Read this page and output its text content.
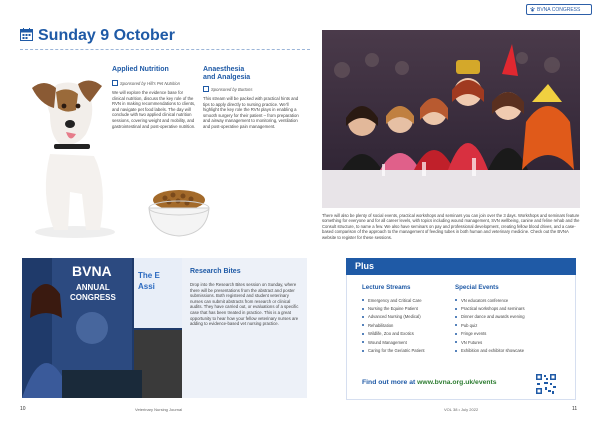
BVNA CONGRESS
Sunday 9 October
Applied Nutrition
Sponsored by Hill's Pet Nutrition
We will explore the evidence base for clinical nutrition, discuss the key role of the RVN in making recommendations to clients, and navigate pet food labels. The day will conclude with two applied clinical nutrition sessions, covering weight and mobility, and gastrointestinal and post-operative nutrition.
Anaesthesia
and Analgesia
Sponsored by Burtons
This stream will be packed with practical hints and tips to apply directly to nursing practice. We'll highlight the key role the RVN plays in enabling a smooth surgery for their patient – from preparation and airway management to monitoring, ventilation and post-operative pain management.
There will also be plenty of social events, practical workshops and seminars you can join over the 3 days. Workshops and seminars feature something for everyone and for all career levels, with topics including wound management, SVN wellbeing, canine and feline rehab and the Consult structure, to name a few. We also have seminars on pay and professional development, creating fellow blood drives, and a case-based comparison of the approach to the management of feeding tubes in both human and veterinary medicine. Check out the BVNA website to register for these sessions.
The E
Assi
BVNA
ANNUAL
CONGRESS
Research Bites
Drop into the Research Bites session on Sunday, where there will be presentations from the abstract and poster submissions. Both registered and student veterinary nurses can submit abstracts from research or clinical audits. They have carried out, or evaluations of a specific case that has been treated in practice. This is a great opportunity to hear how your fellow veterinary nurses are adding to evidence-based vet nursing practice.
Plus
Lecture Streams
Emergency and Critical Care
Nursing the Equine Patient
Advanced Nursing (Medical)
Rehabilitation
Wildlife, Zoo and Exotics
Wound Management
Caring for the Geriatric Patient
Special Events
VN educators conference
Practical workshops and seminars
Dinner dance and awards evening
Pub quiz
Fringe events
VN Futures
Exhibition and exhibitor showcase
Find out more at www.bvna.org.uk/events
10	Veterinary Nursing Journal	VOL 38 • July 2022	11
